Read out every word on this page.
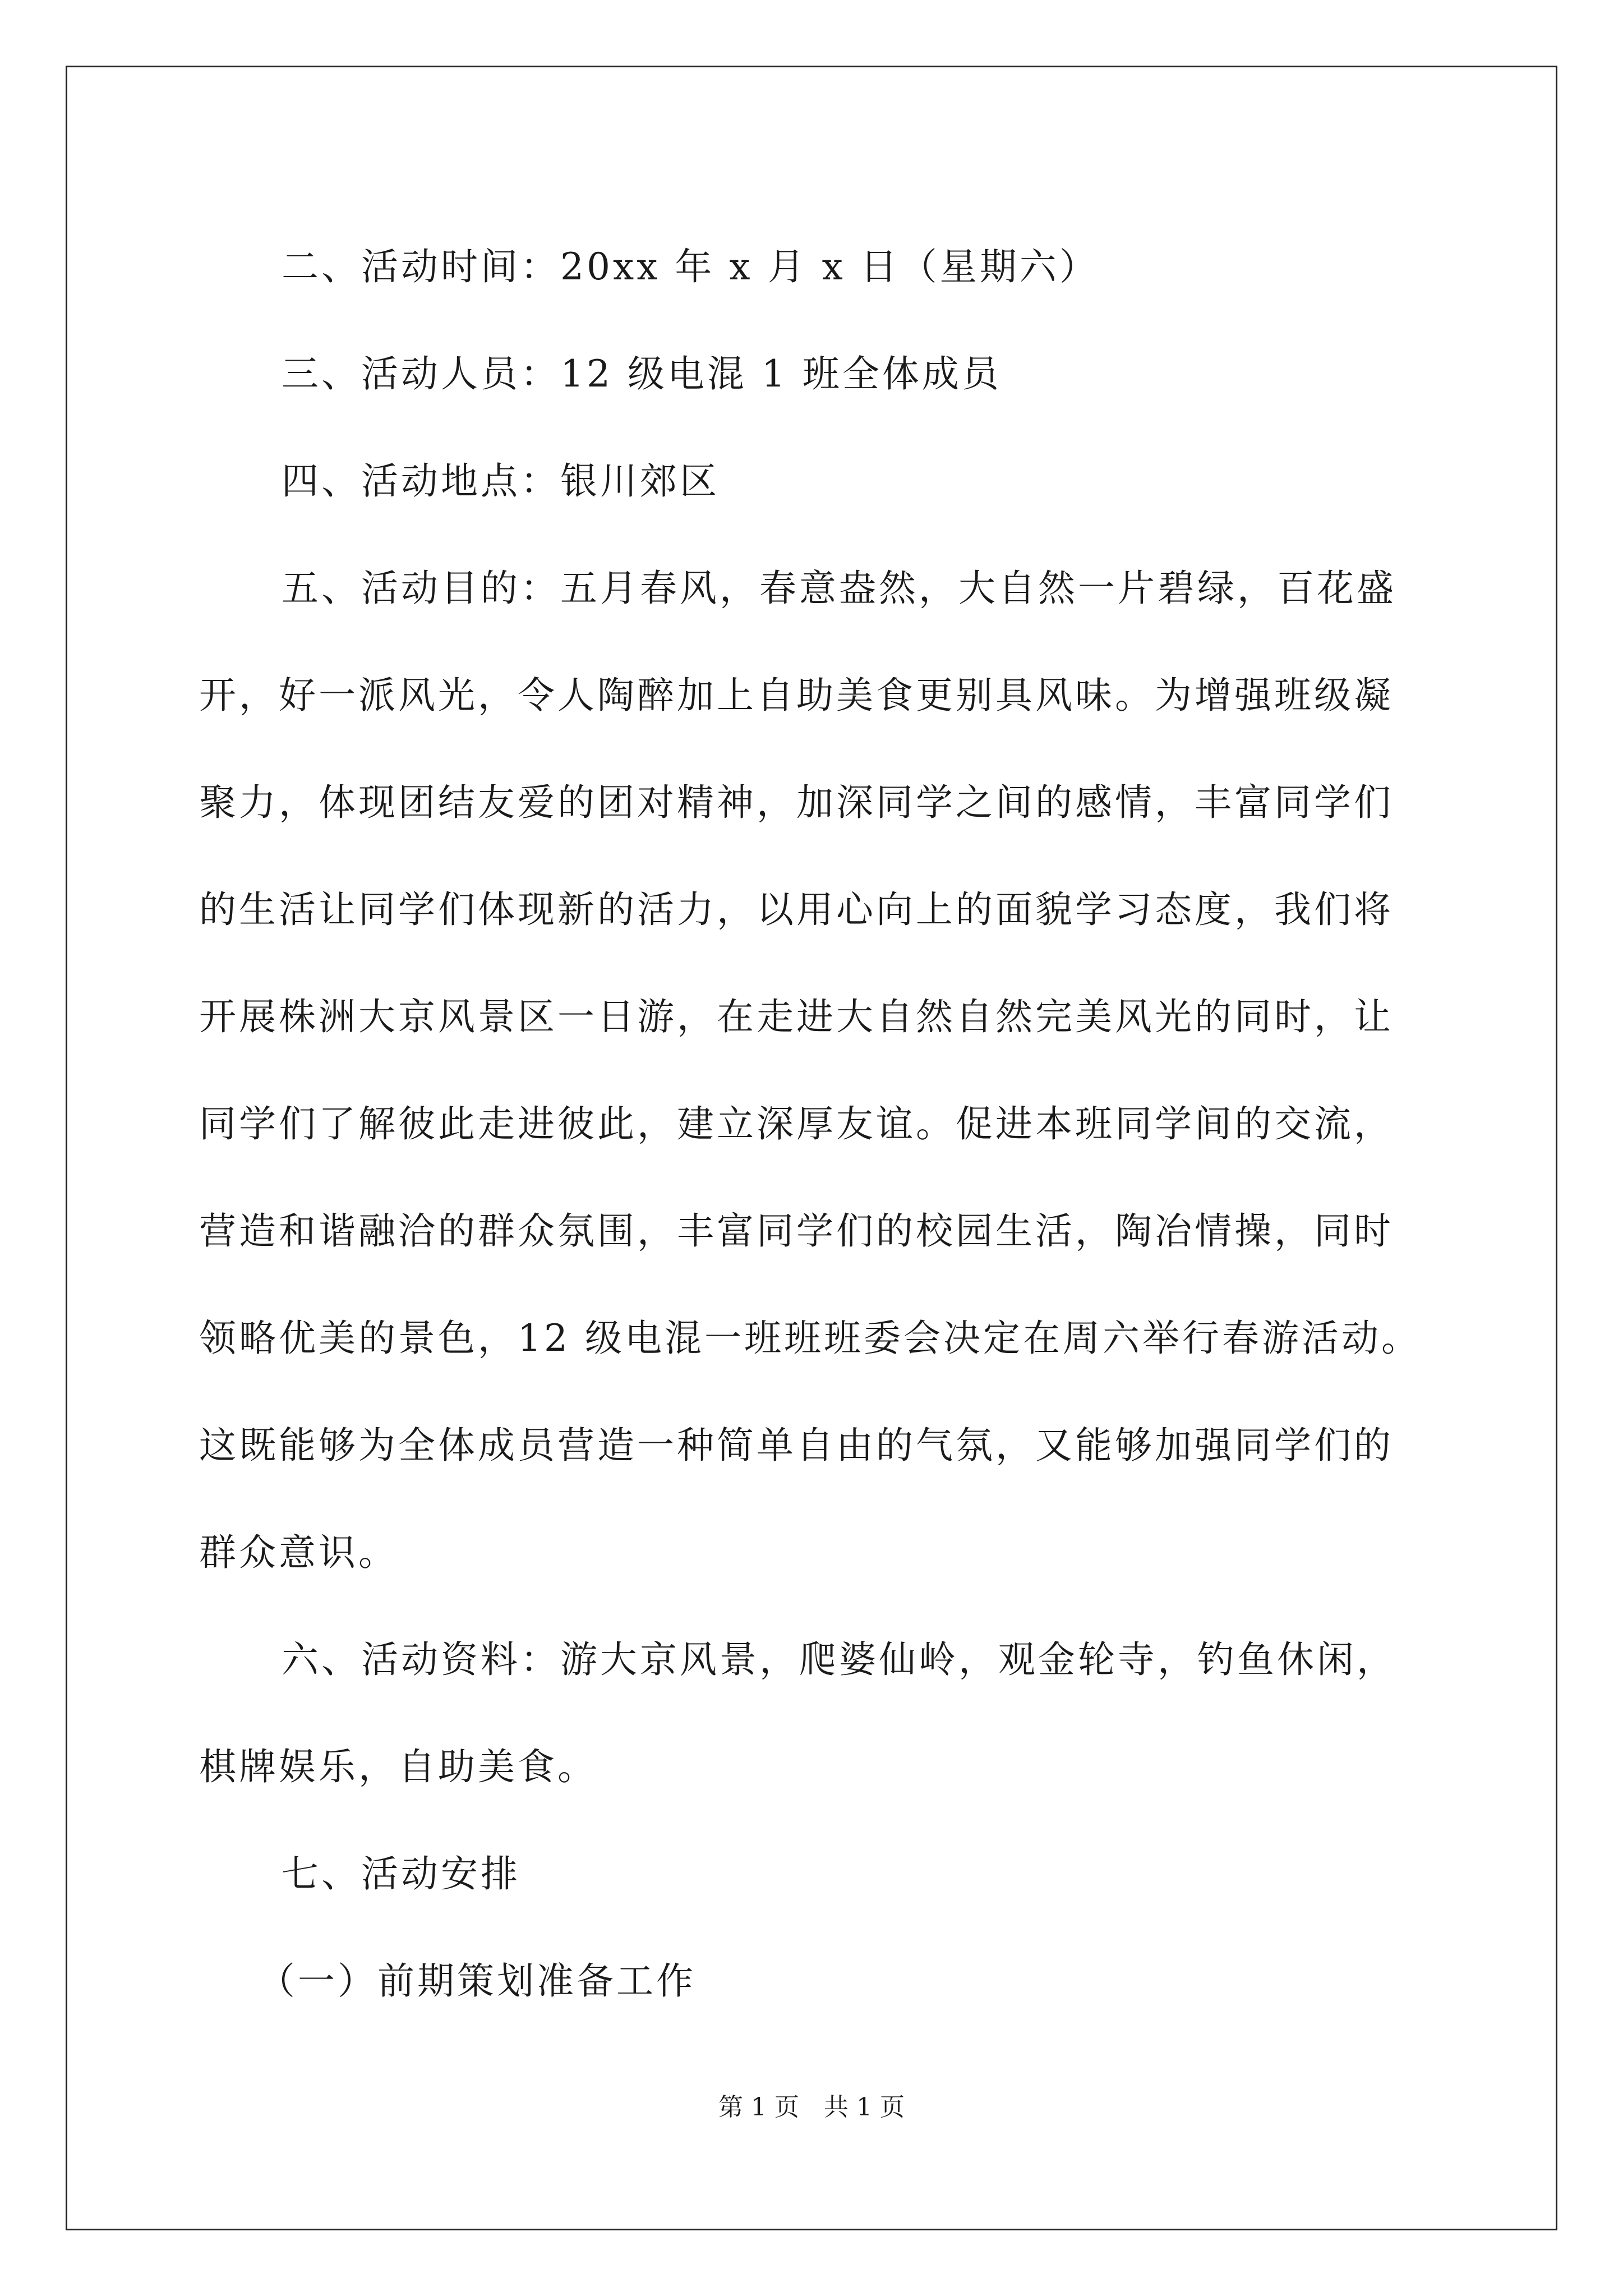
二、活动时间：20xx 年 x 月 x 日（星期六）

三、活动人员：12 级电混 1 班全体成员

四、活动地点：银川郊区

五、活动目的：五月春风，春意盎然，大自然一片碧绿，百花盛

开，好一派风光，令人陶醉加上自助美食更别具风味。为增强班级凝

聚力，体现团结友爱的团对精神，加深同学之间的感情，丰富同学们

的生活让同学们体现新的活力，以用心向上的面貌学习态度，我们将

开展株洲大京风景区一日游，在走进大自然自然完美风光的同时，让

同学们了解彼此走进彼此，建立深厚友谊。促进本班同学间的交流，

营造和谐融洽的群众氛围，丰富同学们的校园生活，陶冶情操，同时

领略优美的景色，12 级电混一班班班委会决定在周六举行春游活动。

这既能够为全体成员营造一种简单自由的气氛，又能够加强同学们的

群众意识。

六、活动资料：游大京风景，爬婆仙岭，观金轮寺，钓鱼休闲，

棋牌娱乐，自助美食。

七、活动安排

（一）前期策划准备工作

第 1 页　共 1 页
